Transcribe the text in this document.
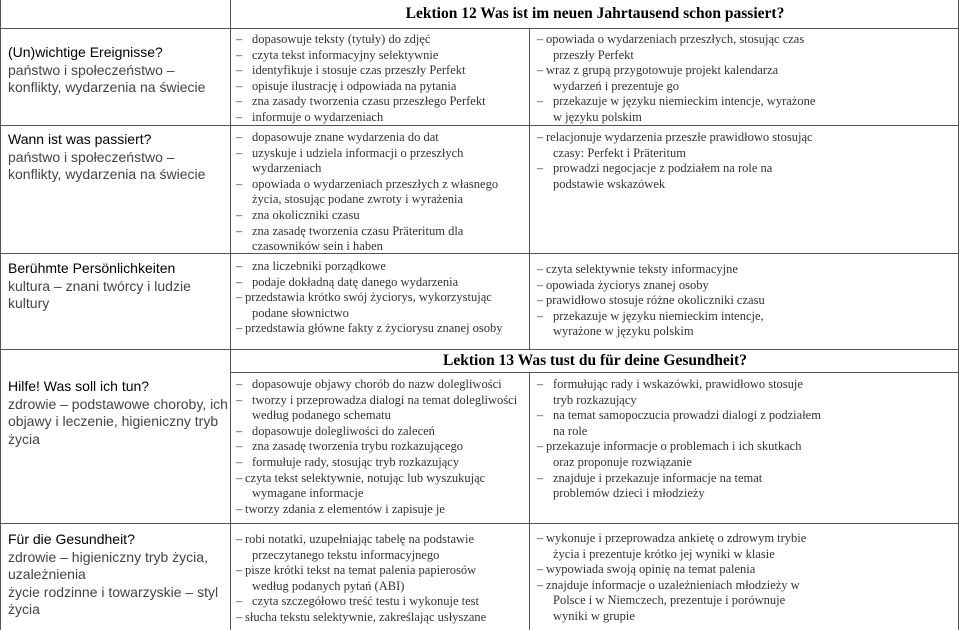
Lektion 12 Was ist im neuen Jahrtausend schon passiert?
Lektion 13 Was tust du für deine Gesundheit?
(Un)wichtige Ereignisse?
państwo i społeczeństwo –
konflikty, wydarzenia na świecie
Wann ist was passiert?
państwo i społeczeństwo –
konflikty, wydarzenia na świecie
Berühmte Persönlichkeiten
kultura – znani twórcy i ludzie
kultury
Hilfe! Was soll ich tun?
zdrowie – podstawowe choroby, ich
objawy i leczenie, higieniczny tryb
życia
Für die Gesundheit?
zdrowie – higieniczny tryb życia,
uzależnienia
życie rodzinne i towarzyskie – styl
życia
– dopasowuje teksty (tytuły) do zdjęć
– czyta tekst informacyjny selektywnie
– identyfikuje i stosuje czas przeszły Perfekt
– opisuje ilustrację i odpowiada na pytania
– zna zasady tworzenia czasu przeszłego Perfekt
– informuje o wydarzeniach
– dopasowuje znane wydarzenia do dat
– uzyskuje i udziela informacji o przeszłych
wydarzeniach
– opowiada o wydarzeniach przeszłych z własnego
życia, stosując podane zwroty i wyrażenia
– zna okoliczniki czasu
– zna zasadę tworzenia czasu Präteritum dla
czasowników sein i haben
– zna liczebniki porządkowe
– podaje dokładną datę danego wydarzenia
– przedstawia krótko swój życiorys, wykorzystując
podane słownictwo
– przedstawia główne fakty z życiorysu znanej osoby
– dopasowuje objawy chorób do nazw dolegliwości
– tworzy i przeprowadza dialogi na temat dolegliwości
według podanego schematu
– dopasowuje dolegliwości do zaleceń
– zna zasadę tworzenia trybu rozkazującego
– formułuje rady, stosując tryb rozkazujący
– czyta tekst selektywnie, notując lub wyszukując
wymagane informacje
– tworzy zdania z elementów i zapisuje je
– robi notatki, uzupełniając tabelę na podstawie
przeczytanego tekstu informacyjnego
– pisze krótki tekst na temat palenia papierosów
według podanych pytań (ABI)
– czyta szczegółowo treść testu i wykonuje test
– słucha tekstu selektywnie, zakreślając usłyszane
– opowiada o wydarzeniach przeszłych, stosując czas
przeszły Perfekt
– wraz z grupą przygotowuje projekt kalendarza
wydarzeń i prezentuje go
– przekazuje w języku niemieckim intencje, wyrażone
w języku polskim
– relacjonuje wydarzenia przeszłe prawidłowo stosując
czasy: Perfekt i Präteritum
– prowadzi negocjacje z podziałem na role na
podstawie wskazówek
– czyta selektywnie teksty informacyjne
– opowiada życiorys znanej osoby
– prawidłowo stosuje różne okoliczniki czasu
– przekazuje w języku niemieckim intencje,
wyrażone w języku polskim
– formułując rady i wskazówki, prawidłowo stosuje
tryb rozkazujący
– na temat samopoczucia prowadzi dialogi z podziałem
na role
– przekazuje informacje o problemach i ich skutkach
oraz proponuje rozwiązanie
– znajduje i przekazuje informacje na temat
problemów dzieci i młodzieży
– wykonuje i przeprowadza ankietę o zdrowym trybie
życia i prezentuje krótko jej wyniki w klasie
– wypowiada swoją opinię na temat palenia
– znajduje informacje o uzależnieniach młodzieży w
Polsce i w Niemczech, prezentuje i porównuje
wyniki w grupie
